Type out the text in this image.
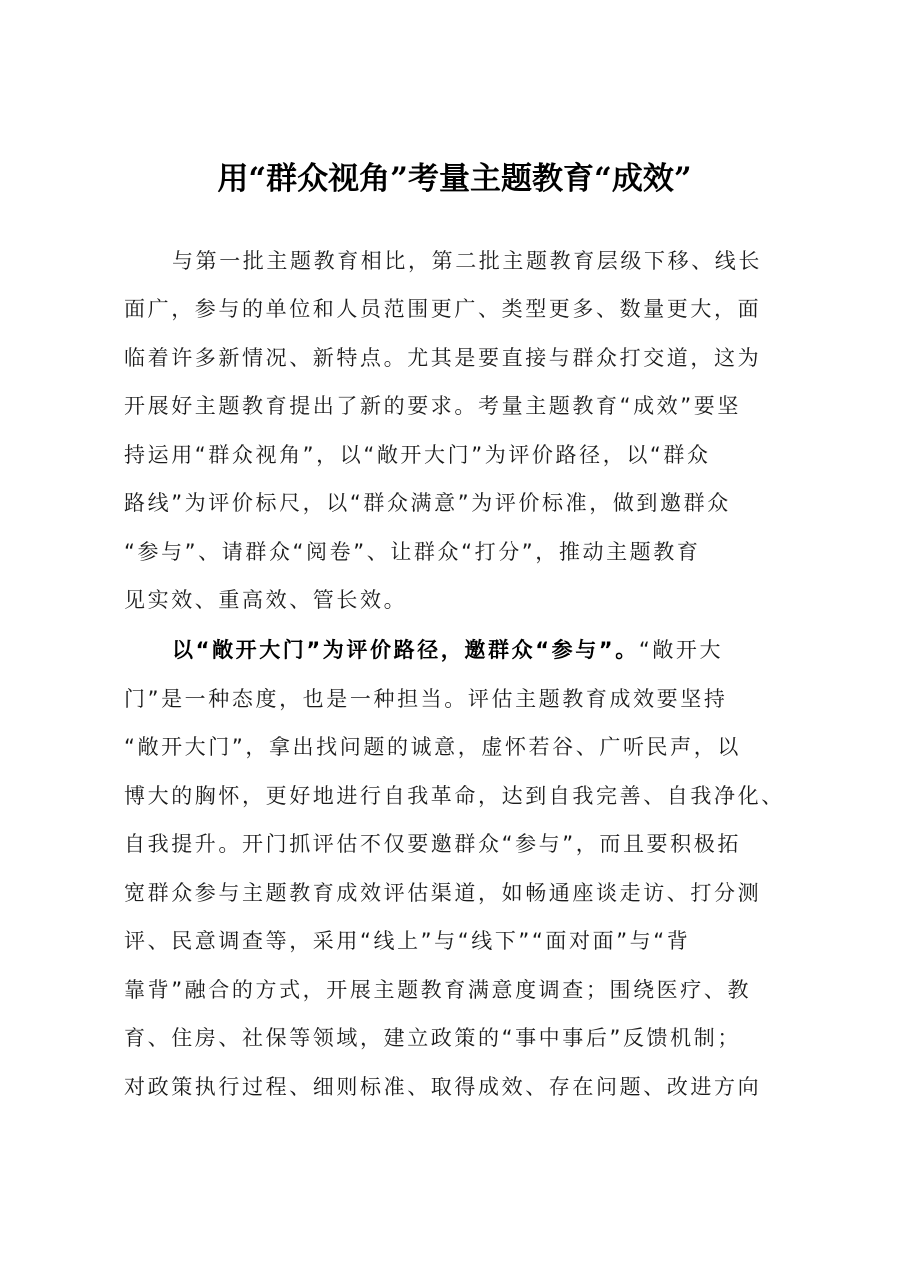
用“群众视角”考量主题教育“成效”

与第一批主题教育相比，第二批主题教育层级下移、线长

面广，参与的单位和人员范围更广、类型更多、数量更大，面

临着许多新情况、新特点。尤其是要直接与群众打交道，这为

开展好主题教育提出了新的要求。考量主题教育“成效”要坚

持运用“群众视角”，以“敞开大门”为评价路径，以“群众

路线”为评价标尺，以“群众满意”为评价标准，做到邀群众

“参与”、请群众“阅卷”、让群众“打分”，推动主题教育

见实效、重高效、管长效。

以“敞开大门”为评价路径，邀群众“参与”。“敞开大

门”是一种态度，也是一种担当。评估主题教育成效要坚持

“敞开大门”，拿出找问题的诚意，虚怀若谷、广听民声，以

博大的胸怀，更好地进行自我革命，达到自我完善、自我净化、

自我提升。开门抓评估不仅要邀群众“参与”，而且要积极拓

宽群众参与主题教育成效评估渠道，如畅通座谈走访、打分测

评、民意调查等，采用“线上”与“线下”“面对面”与“背

靠背”融合的方式，开展主题教育满意度调查；围绕医疗、教

育、住房、社保等领域，建立政策的“事中事后”反馈机制；

对政策执行过程、细则标准、取得成效、存在问题、改进方向
